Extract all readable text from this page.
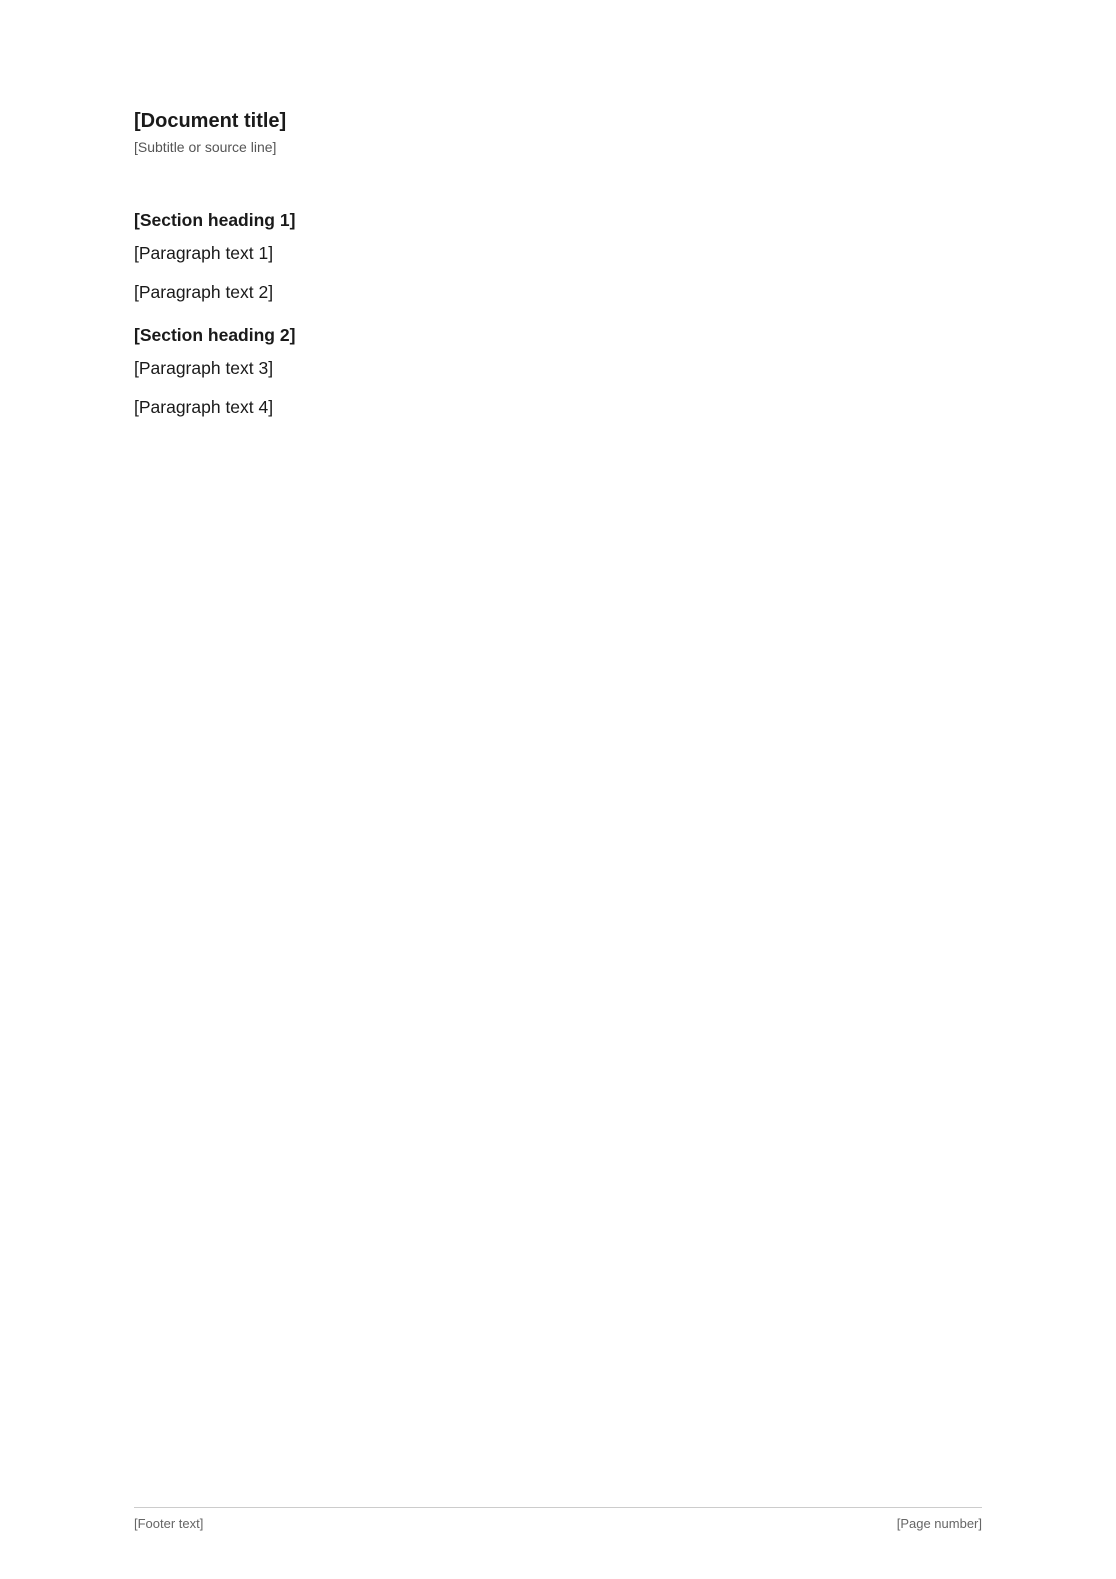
[Document title]

[Subtitle or source line]

[Section heading 1]

[Paragraph text 1]

[Paragraph text 2]

[Section heading 2]

[Paragraph text 3]

[Paragraph text 4]

[Footer text]	[Page number]
